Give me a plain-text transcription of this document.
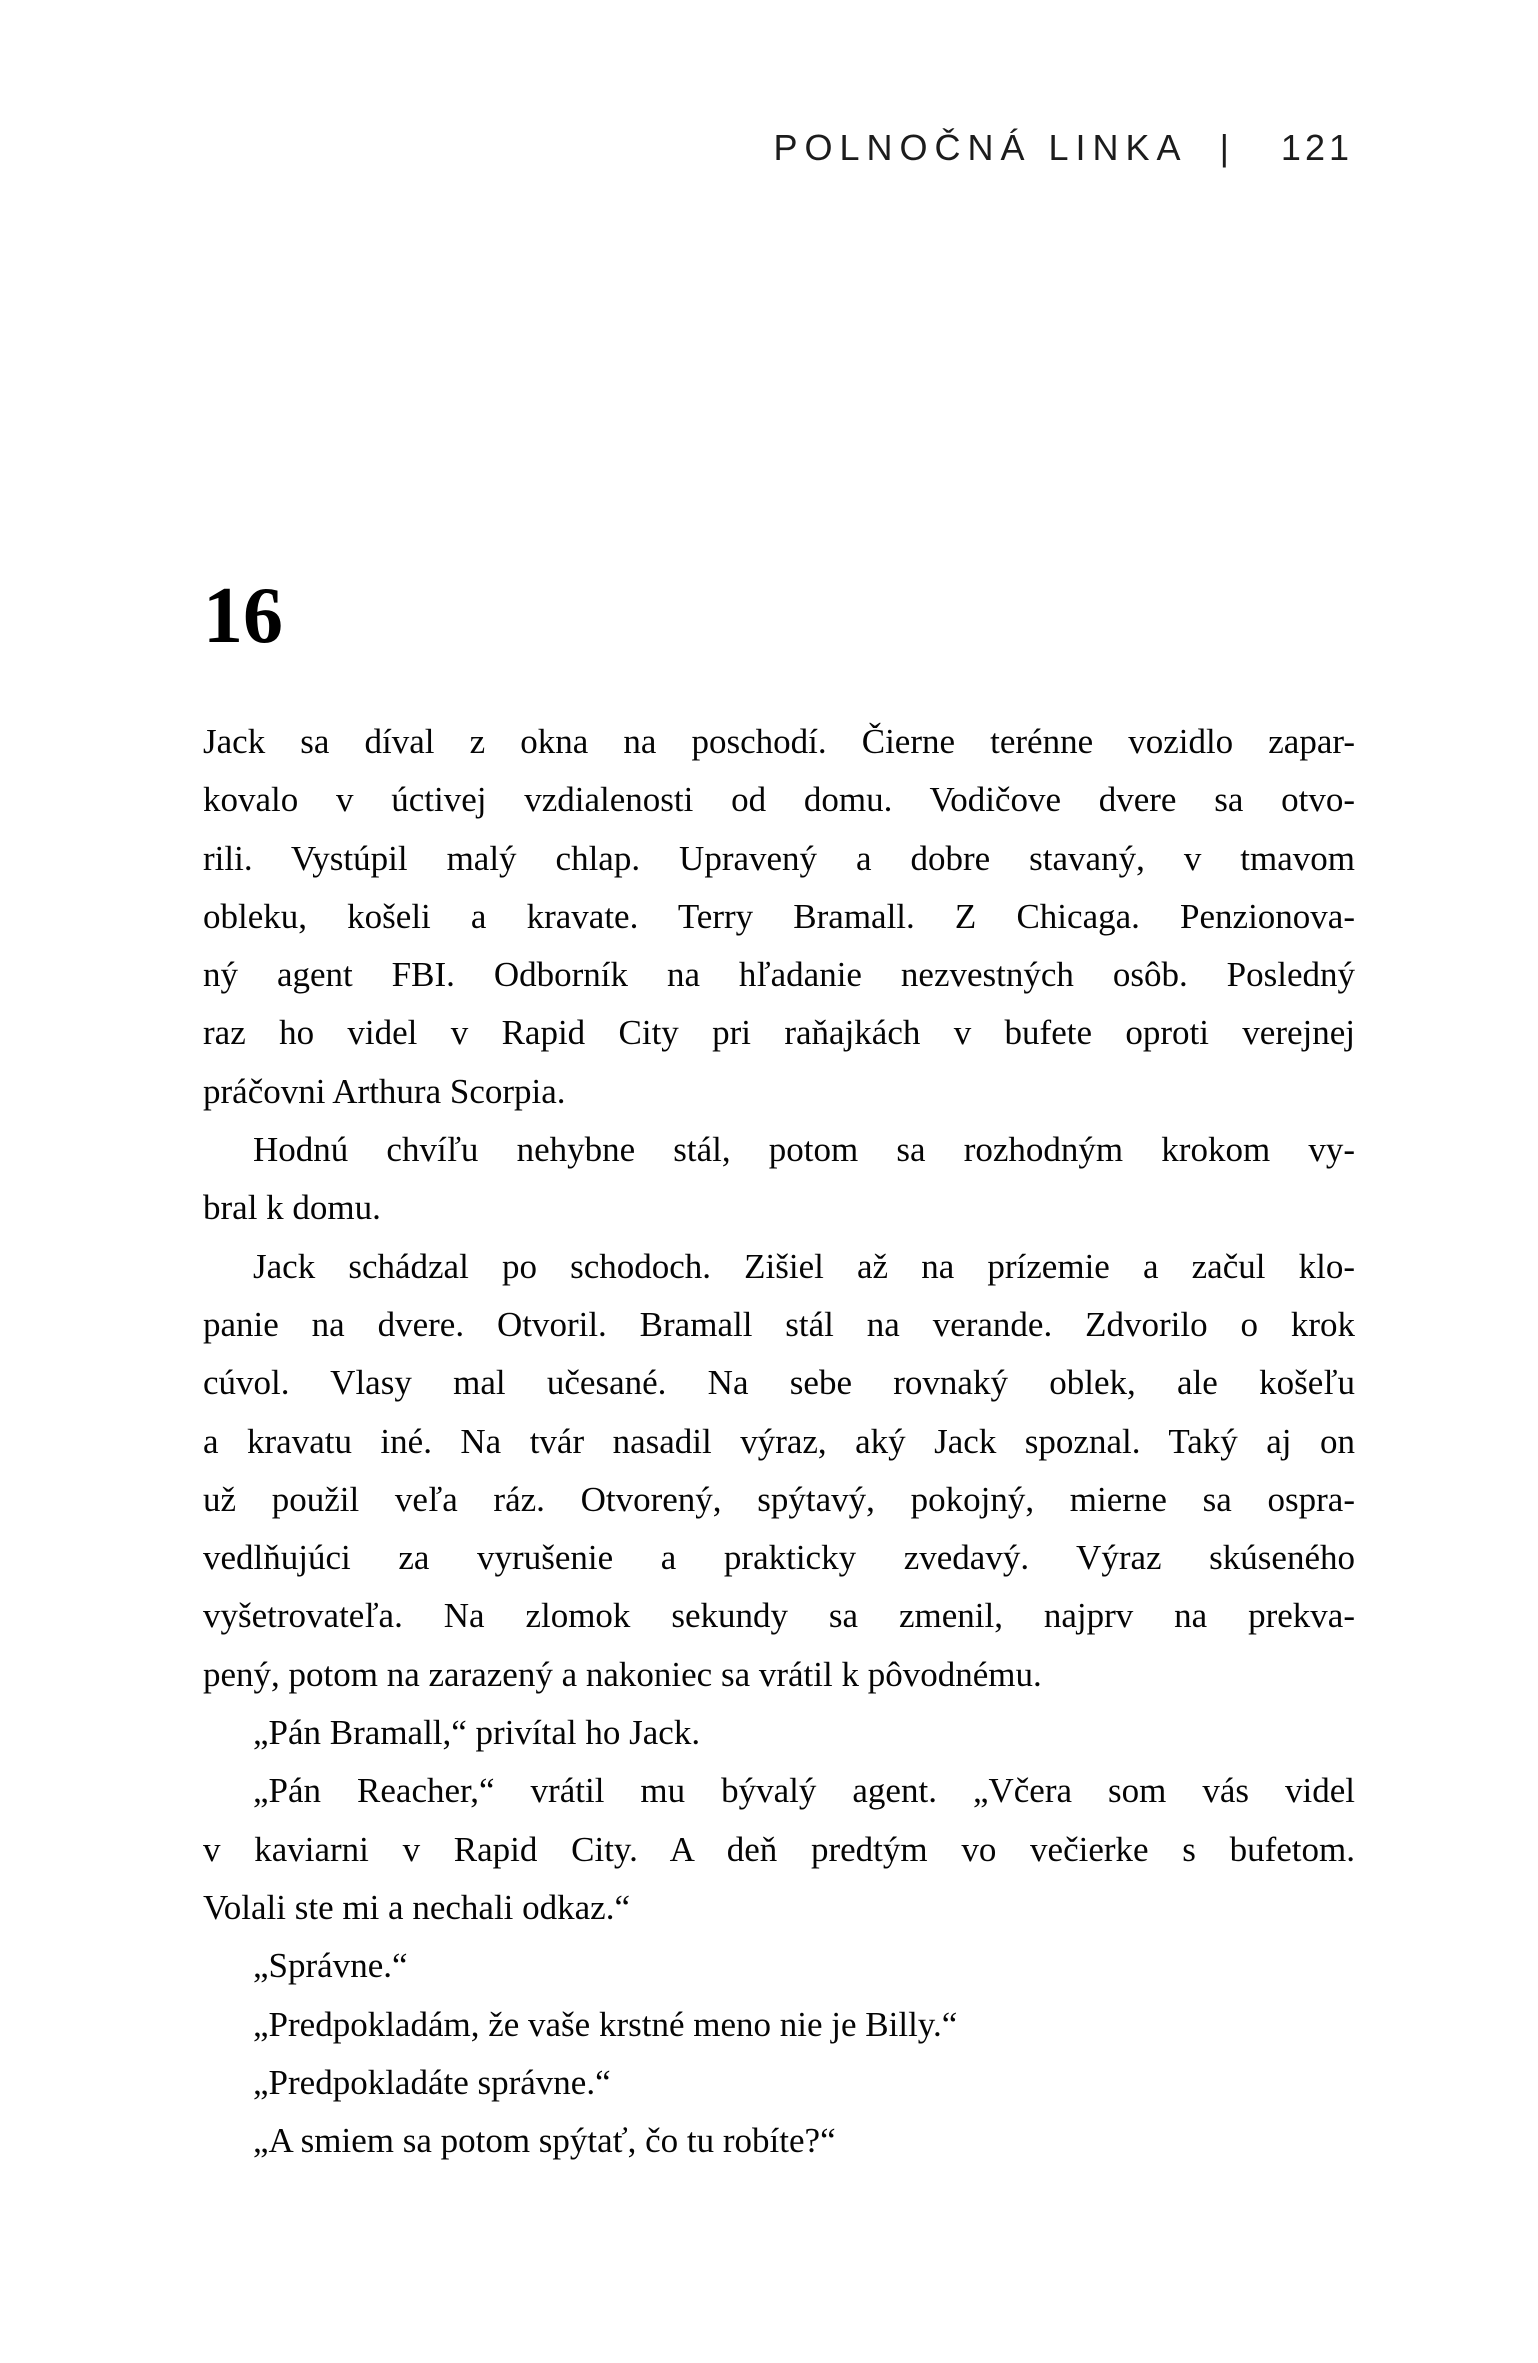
POLNOČNÁ LINKA | 121
16
Jack sa díval z okna na poschodí. Čierne terénne vozidlo zapar-
kovalo v úctivej vzdialenosti od domu. Vodičove dvere sa otvo-
rili. Vystúpil malý chlap. Upravený a dobre stavaný, v tmavom
obleku, košeli a kravate. Terry Bramall. Z Chicaga. Penzionova-
ný agent FBI. Odborník na hľadanie nezvestných osôb. Posledný
raz ho videl v Rapid City pri raňajkách v bufete oproti verejnej
práčovni Arthura Scorpia.
Hodnú chvíľu nehybne stál, potom sa rozhodným krokom vy-
bral k domu.
Jack schádzal po schodoch. Zišiel až na prízemie a začul klo-
panie na dvere. Otvoril. Bramall stál na verande. Zdvorilo o krok
cúvol. Vlasy mal učesané. Na sebe rovnaký oblek, ale košeľu
a kravatu iné. Na tvár nasadil výraz, aký Jack spoznal. Taký aj on
už použil veľa ráz. Otvorený, spýtavý, pokojný, mierne sa ospra-
vedlňujúci za vyrušenie a prakticky zvedavý. Výraz skúseného
vyšetrovateľa. Na zlomok sekundy sa zmenil, najprv na prekva-
pený, potom na zarazený a nakoniec sa vrátil k pôvodnému.
„Pán Bramall,“ privítal ho Jack.
„Pán Reacher,“ vrátil mu bývalý agent. „Včera som vás videl
v kaviarni v Rapid City. A deň predtým vo večierke s bufetom.
Volali ste mi a nechali odkaz.“
„Správne.“
„Predpokladám, že vaše krstné meno nie je Billy.“
„Predpokladáte správne.“
„A smiem sa potom spýtať, čo tu robíte?“
